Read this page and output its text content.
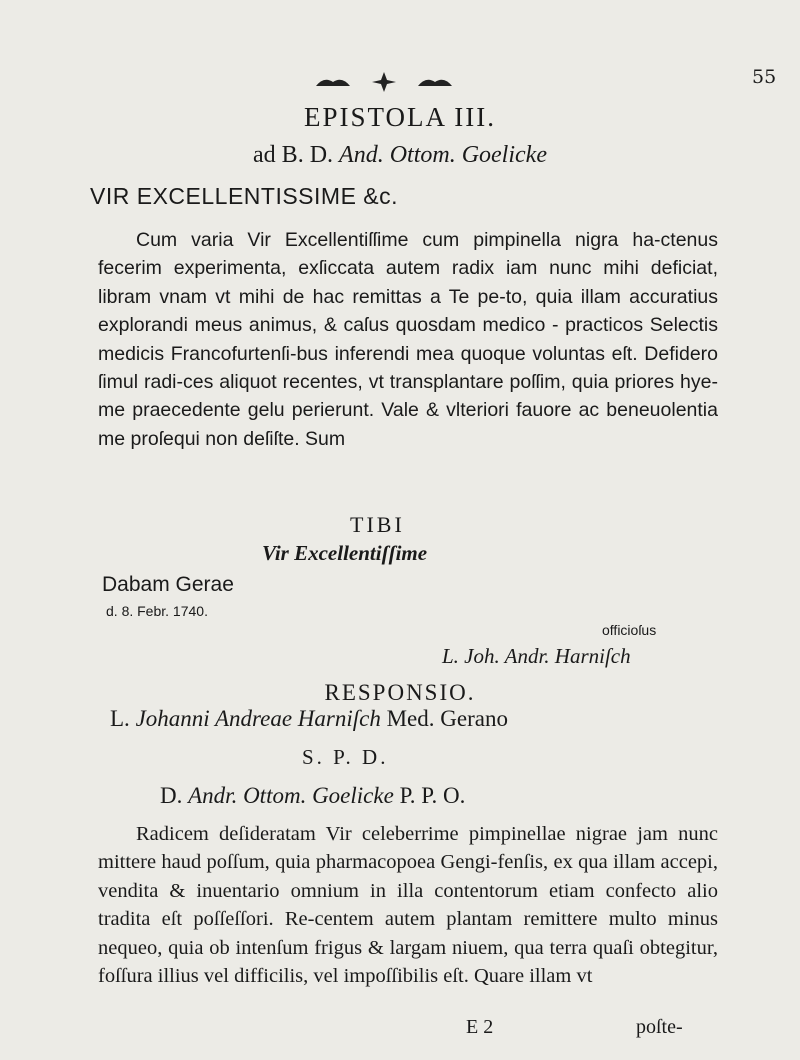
55
EPISTOLA III.
ad B. D. And. Ottom. Goelicke
VIR EXCELLENTISSIME &c.
Cum varia Vir Excellentiſſime cum pimpinella nigra ha-ctenus fecerim experimenta, exſiccata autem radix iam nunc mihi deficiat, libram vnam vt mihi de hac remittas a Te pe-to, quia illam accuratius explorandi meus animus, & caſus quosdam medico - practicos Selectis medicis Francofurtenſi-bus inferendi mea quoque voluntas eſt. Defidero ſimul radi-ces aliquot recentes, vt transplantare poſſim, quia priores hye-me praecedente gelu perierunt. Vale & vlteriori fauore ac beneuolentia me proſequi non deſiſte. Sum
TIBI
Vir Excellentiſſime
Dabam Gerae
d. 8. Febr. 1740.
officioſus
L. Joh. Andr. Harniſch
RESPONSIO.
L. Johanni Andreae Harniſch Med. Gerano
S. P. D.
D. Andr. Ottom. Goelicke P. P. O.
Radicem deſideratam Vir celeberrime pimpinellae nigrae jam nunc mittere haud poſſum, quia pharmacopoea Gengi-fenſis, ex qua illam accepi, vendita & inuentario omnium in illa contentorum etiam confecto alio tradita eſt poſſeſſori. Re-centem autem plantam remittere multo minus nequeo, quia ob intenſum frigus & largam niuem, qua terra quaſi obtegitur, foſſura illius vel difficilis, vel impoſſibilis eſt. Quare illam vt
E 2	poſte-
